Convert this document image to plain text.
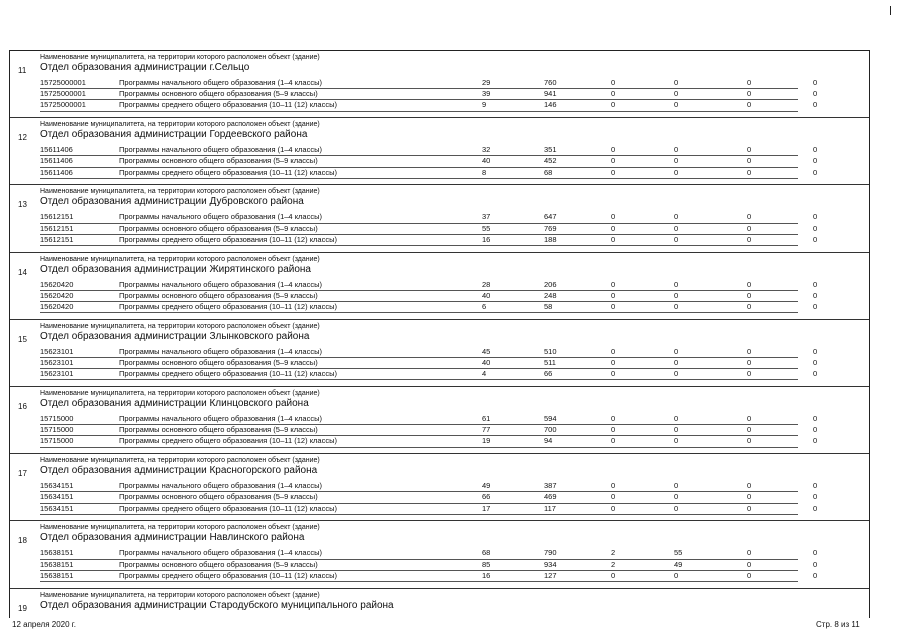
11
Наименование муниципалитета, на территории которого расположен объект (здание)
Отдел образования администрации г.Сельцо
15725000001	Программы начального общего образования (1–4 классы)	29	760	0	0	0	0
15725000001	Программы основного общего образования (5–9 классы)	39	941	0	0	0	0
15725000001	Программы среднего общего образования (10–11 (12) классы)	9	146	0	0	0	0
12
Наименование муниципалитета, на территории которого расположен объект (здание)
Отдел образования администрации Гордеевского района
15611406	Программы начального общего образования (1–4 классы)	32	351	0	0	0	0
15611406	Программы основного общего образования (5–9 классы)	40	452	0	0	0	0
15611406	Программы среднего общего образования (10–11 (12) классы)	8	68	0	0	0	0
13
Наименование муниципалитета, на территории которого расположен объект (здание)
Отдел образования администрации Дубровского района
15612151	Программы начального общего образования (1–4 классы)	37	647	0	0	0	0
15612151	Программы основного общего образования (5–9 классы)	55	769	0	0	0	0
15612151	Программы среднего общего образования (10–11 (12) классы)	16	188	0	0	0	0
14
Наименование муниципалитета, на территории которого расположен объект (здание)
Отдел образования администрации Жирятинского района
15620420	Программы начального общего образования (1–4 классы)	28	206	0	0	0	0
15620420	Программы основного общего образования (5–9 классы)	40	248	0	0	0	0
15620420	Программы среднего общего образования (10–11 (12) классы)	6	58	0	0	0	0
15
Наименование муниципалитета, на территории которого расположен объект (здание)
Отдел образования администрации Злынковского района
15623101	Программы начального общего образования (1–4 классы)	45	510	0	0	0	0
15623101	Программы основного общего образования (5–9 классы)	40	511	0	0	0	0
15623101	Программы среднего общего образования (10–11 (12) классы)	4	66	0	0	0	0
16
Наименование муниципалитета, на территории которого расположен объект (здание)
Отдел образования администрации Клинцовского района
15715000	Программы начального общего образования (1–4 классы)	61	594	0	0	0	0
15715000	Программы основного общего образования (5–9 классы)	77	700	0	0	0	0
15715000	Программы среднего общего образования (10–11 (12) классы)	19	94	0	0	0	0
17
Наименование муниципалитета, на территории которого расположен объект (здание)
Отдел образования администрации Красногорского района
15634151	Программы начального общего образования (1–4 классы)	49	387	0	0	0	0
15634151	Программы основного общего образования (5–9 классы)	66	469	0	0	0	0
15634151	Программы среднего общего образования (10–11 (12) классы)	17	117	0	0	0	0
18
Наименование муниципалитета, на территории которого расположен объект (здание)
Отдел образования администрации Навлинского района
15638151	Программы начального общего образования (1–4 классы)	68	790	2	55	0	0
15638151	Программы основного общего образования (5–9 классы)	85	934	2	49	0	0
15638151	Программы среднего общего образования (10–11 (12) классы)	16	127	0	0	0	0
19
Наименование муниципалитета, на территории которого расположен объект (здание)
Отдел образования администрации Стародубского муниципального района
12 апреля 2020 г.	Стр. 8 из 11
